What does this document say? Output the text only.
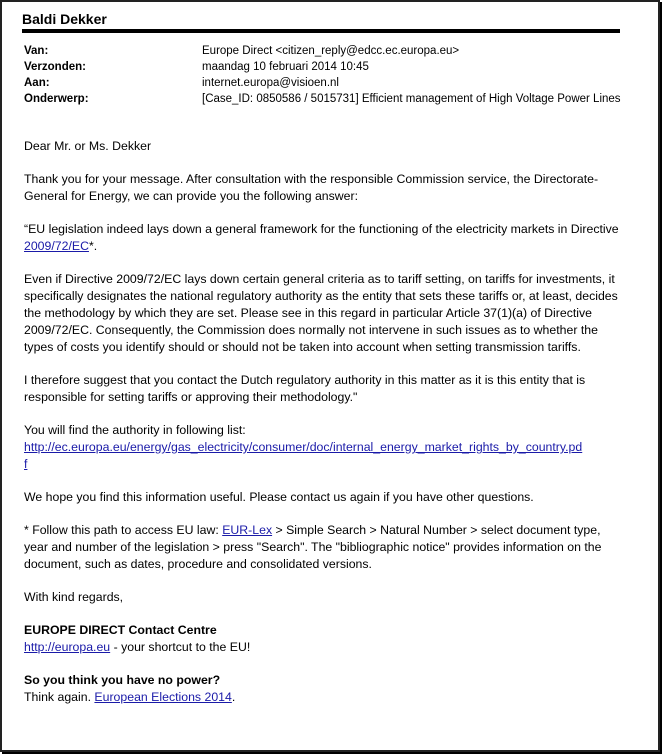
Baldi Dekker
Van:	Europe Direct <citizen_reply@edcc.ec.europa.eu>
Verzonden:	maandag 10 februari 2014 10:45
Aan:	internet.europa@visioen.nl
Onderwerp:	[Case_ID: 0850586 / 5015731] Efficient management of High Voltage Power Lines

Dear Mr. or Ms. Dekker

Thank you for your message. After consultation with the responsible Commission service, the Directorate-General for Energy, we can provide you the following answer:

“EU legislation indeed lays down a general framework for the functioning of the electricity markets in Directive 2009/72/EC*.

Even if Directive 2009/72/EC lays down certain general criteria as to tariff setting, on tariffs for investments, it specifically designates the national regulatory authority as the entity that sets these tariffs or, at least, decides the methodology by which they are set. Please see in this regard in particular Article 37(1)(a) of Directive 2009/72/EC. Consequently, the Commission does normally not intervene in such issues as to whether the types of costs you identify should or should not be taken into account when setting transmission tariffs.

I therefore suggest that you contact the Dutch regulatory authority in this matter as it is this entity that is responsible for setting tariffs or approving their methodology."

You will find the authority in following list:
http://ec.europa.eu/energy/gas_electricity/consumer/doc/internal_energy_market_rights_by_country.pd
f

We hope you find this information useful. Please contact us again if you have other questions.

* Follow this path to access EU law: EUR-Lex > Simple Search > Natural Number > select document type, year and number of the legislation > press "Search". The "bibliographic notice" provides information on the document, such as dates, procedure and consolidated versions.

With kind regards,

EUROPE DIRECT Contact Centre
http://europa.eu - your shortcut to the EU!

So you think you have no power?
Think again. European Elections 2014.
